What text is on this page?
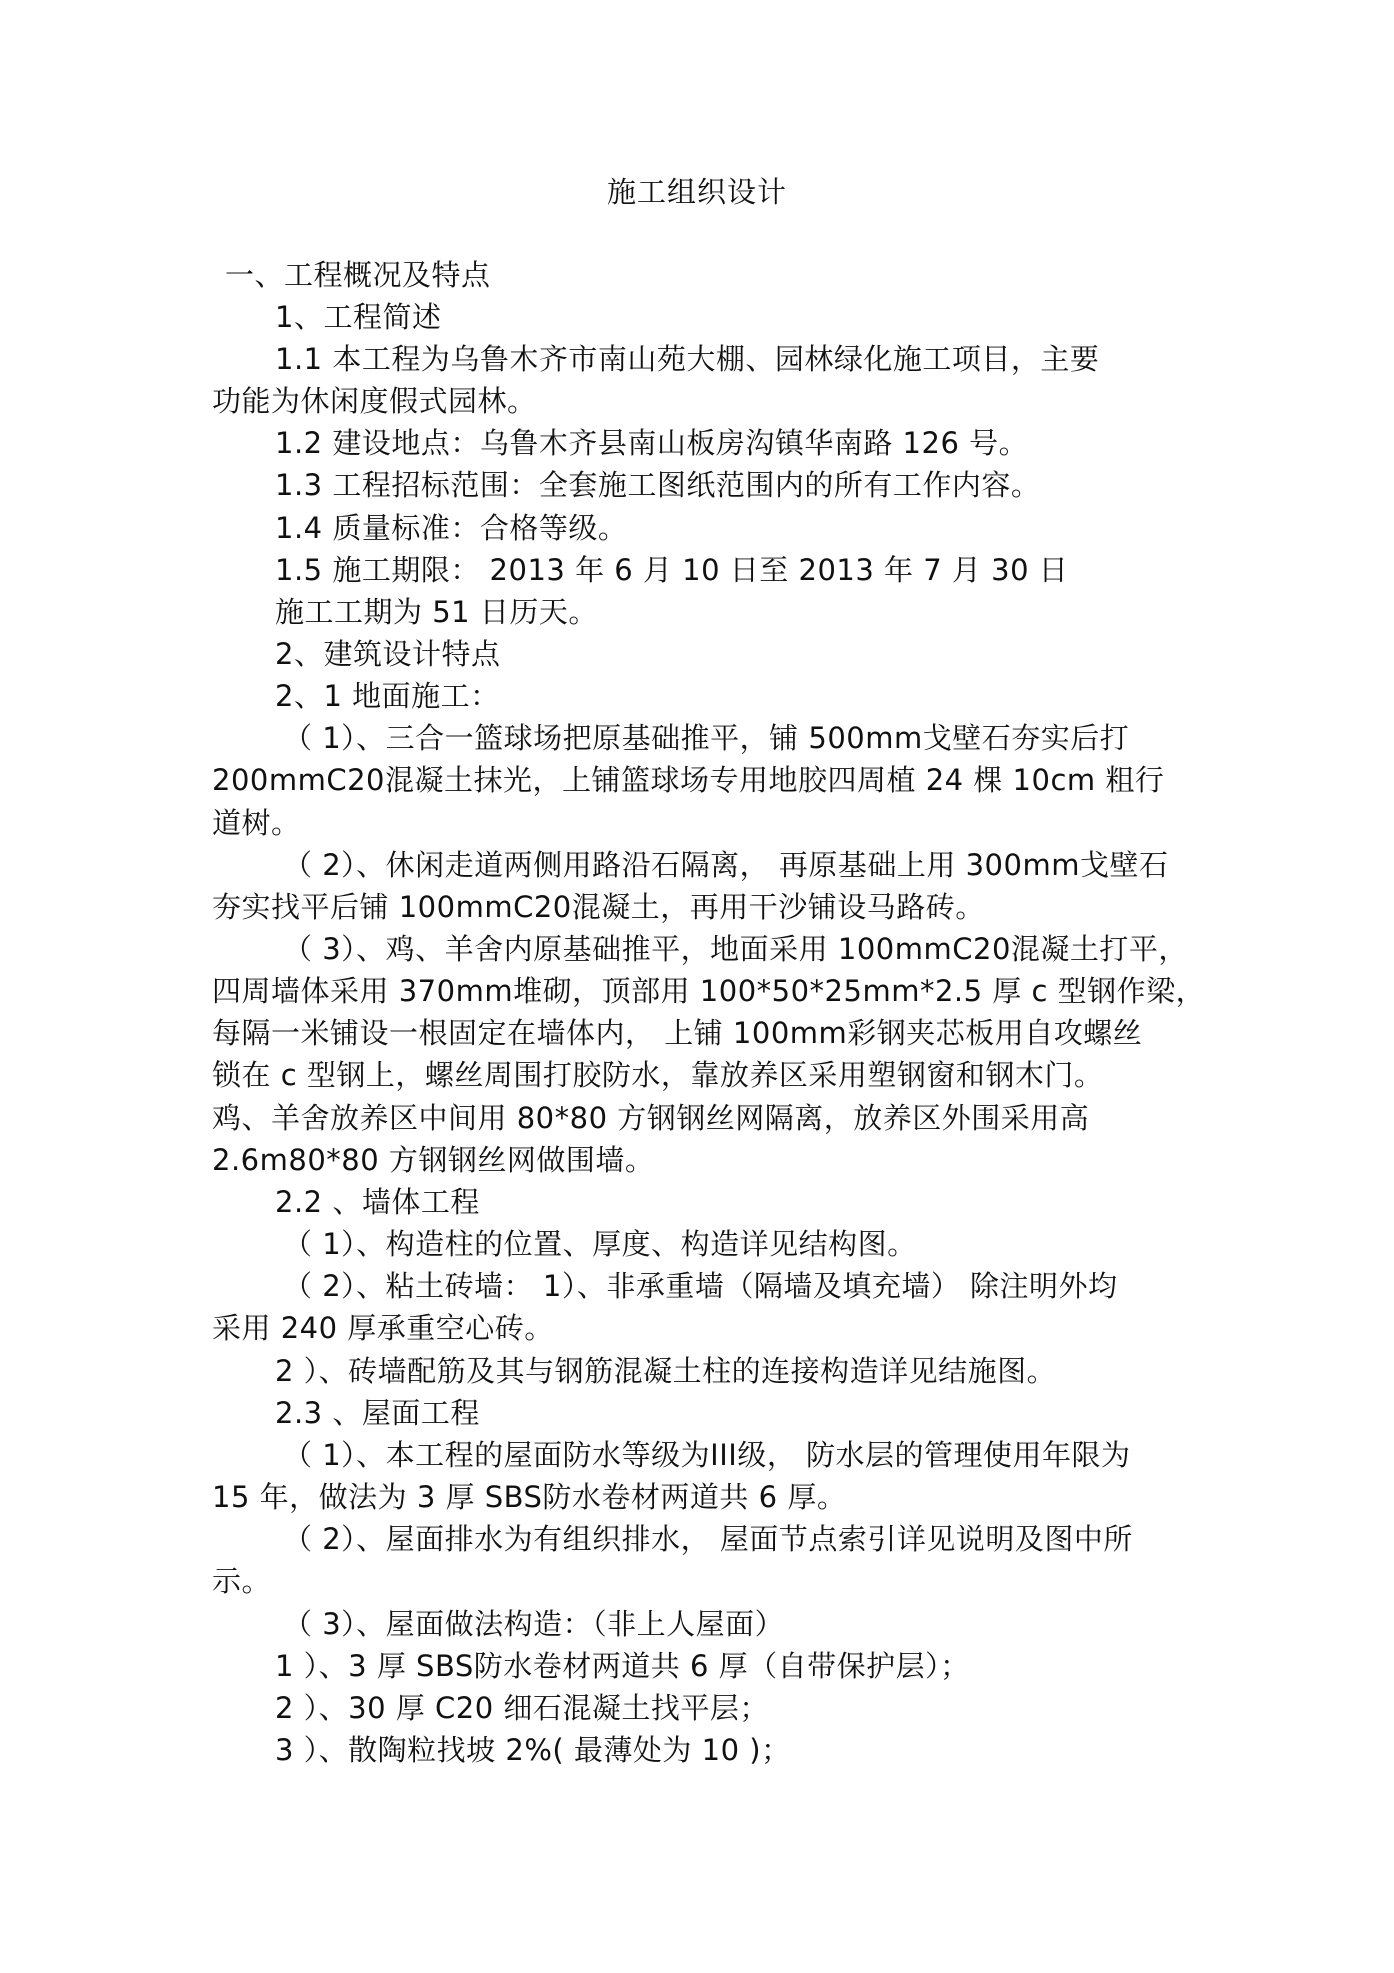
施工组织设计
一、工程概况及特点
1、工程简述
1.1 本工程为乌鲁木齐市南山苑大棚、园林绿化施工项目，主要
功能为休闲度假式园林。
1.2 建设地点：乌鲁木齐县南山板房沟镇华南路 126 号。
1.3 工程招标范围：全套施工图纸范围内的所有工作内容。
1.4 质量标准：合格等级。
1.5 施工期限： 2013 年 6 月 10 日至 2013 年 7 月 30 日
施工工期为 51 日历天。
2、建筑设计特点
2、1 地面施工：
（ 1）、三合一篮球场把原基础推平，铺 500mm戈壁石夯实后打
200mmC20混凝土抹光，上铺篮球场专用地胶四周植 24 棵 10cm 粗行
道树。
（ 2）、休闲走道两侧用路沿石隔离， 再原基础上用 300mm戈壁石
夯实找平后铺 100mmC20混凝土，再用干沙铺设马路砖。
（ 3）、鸡、羊舍内原基础推平，地面采用 100mmC20混凝土打平，
四周墙体采用 370mm堆砌，顶部用 100*50*25mm*2.5 厚 c 型钢作梁，
每隔一米铺设一根固定在墙体内， 上铺 100mm彩钢夹芯板用自攻螺丝
锁在 c 型钢上，螺丝周围打胶防水，靠放养区采用塑钢窗和钢木门。
鸡、羊舍放养区中间用 80*80 方钢钢丝网隔离，放养区外围采用高
2.6m80*80 方钢钢丝网做围墙。
2.2 、墙体工程
（ 1）、构造柱的位置、厚度、构造详见结构图。
（ 2）、粘土砖墙： 1）、非承重墙（隔墙及填充墙） 除注明外均
采用 240 厚承重空心砖。
2 ）、砖墙配筋及其与钢筋混凝土柱的连接构造详见结施图。
2.3 、屋面工程
（ 1）、本工程的屋面防水等级为III级， 防水层的管理使用年限为
15 年，做法为 3 厚 SBS防水卷材两道共 6 厚。
（ 2）、屋面排水为有组织排水， 屋面节点索引详见说明及图中所
示。
（ 3）、屋面做法构造：（非上人屋面）
1 ）、3 厚 SBS防水卷材两道共 6 厚（自带保护层）；
2 ）、30 厚 C20 细石混凝土找平层；
3 ）、散陶粒找坡 2%( 最薄处为 10 )；
